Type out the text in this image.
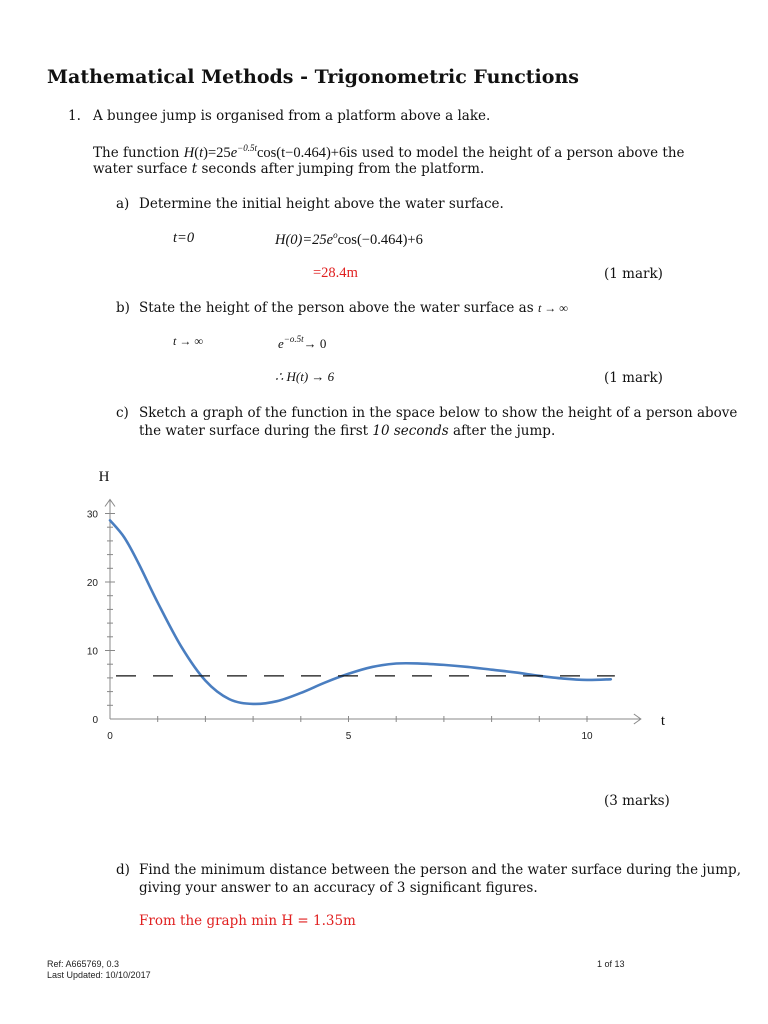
Mathematical Methods - Trigonometric Functions
1. A bungee jump is organised from a platform above a lake.
The function $H(t)=25e^{-0.5t}\cos(t-0.464)+6is$ used to model the height of a person above the
water surface t seconds after jumping from the platform.
a) Determine the initial height above the water surface.
t=0	$H(0)=25e^o\cos(-0.464)+6$
=28.4m	(1 mark)
b) State the height of the person above the water surface as t → ∞
t → ∞	$e^{-o.5t}\to 0$
∴ H(t) → 6	(1 mark)
c) Sketch a graph of the function in the space below to show the height of a person above
the water surface during the first 10 seconds after the jump.
0	5	10
0
10
20
30
H
t
(3 marks)
d) Find the minimum distance between the person and the water surface during the jump,
giving your answer to an accuracy of 3 significant figures.
From the graph min H = 1.35m
Ref: A665769, 0.3
Last Updated: 10/10/2017
1 of 13
